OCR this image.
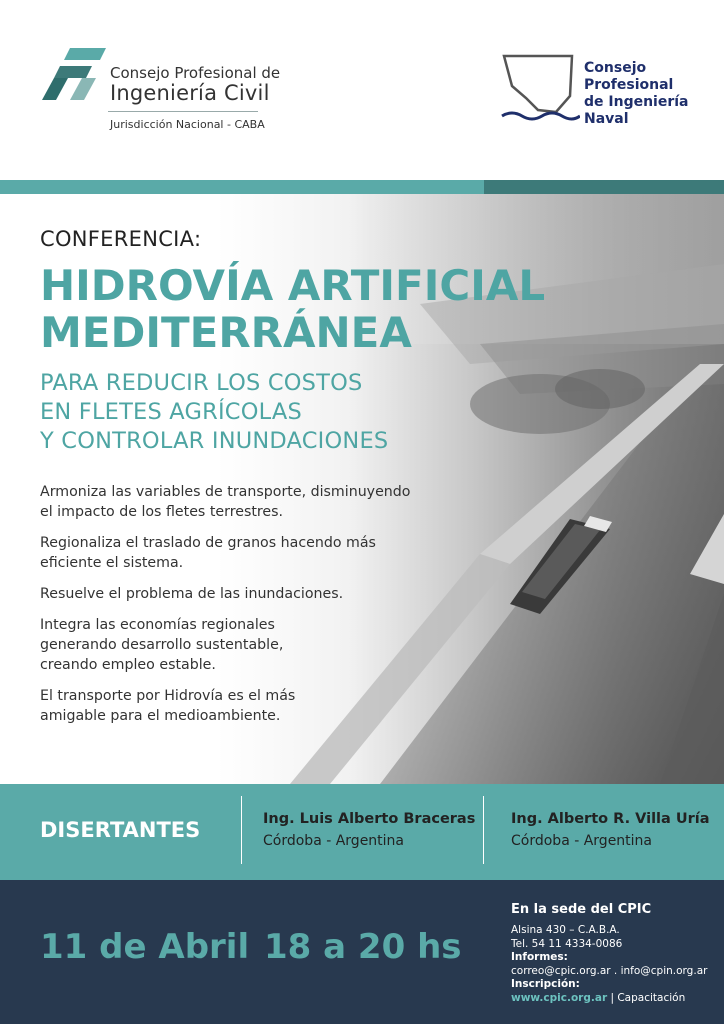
Consejo Profesional de
Ingeniería Civil
Jurisdicción Nacional - CABA
Consejo
Profesional
de Ingeniería
Naval
CONFERENCIA:
HIDROVÍA ARTIFICIAL
MEDITERRÁNEA
PARA REDUCIR LOS COSTOS
EN FLETES AGRÍCOLAS
Y CONTROLAR INUNDACIONES

Armoniza las variables de transporte, disminuyendo
el impacto de los fletes terrestres.

Regionaliza el traslado de granos hacendo más
eficiente el sistema.

Resuelve el problema de las inundaciones.

Integra las economías regionales
generando desarrollo sustentable,
creando empleo estable.

El transporte por Hidrovía es el más
amigable para el medioambiente.

DISERTANTES	Ing. Luis Alberto Braceras
Córdoba - Argentina
Ing. Alberto R. Villa Uría
Córdoba - Argentina
11 de Abril 18 a 20 hs
En la sede del CPIC
Alsina 430 – C.A.B.A.
Tel. 54 11 4334-0086
Informes:
correo@cpic.org.ar . info@cpin.org.ar
Inscripción:
www.cpic.org.ar | Capacitación
